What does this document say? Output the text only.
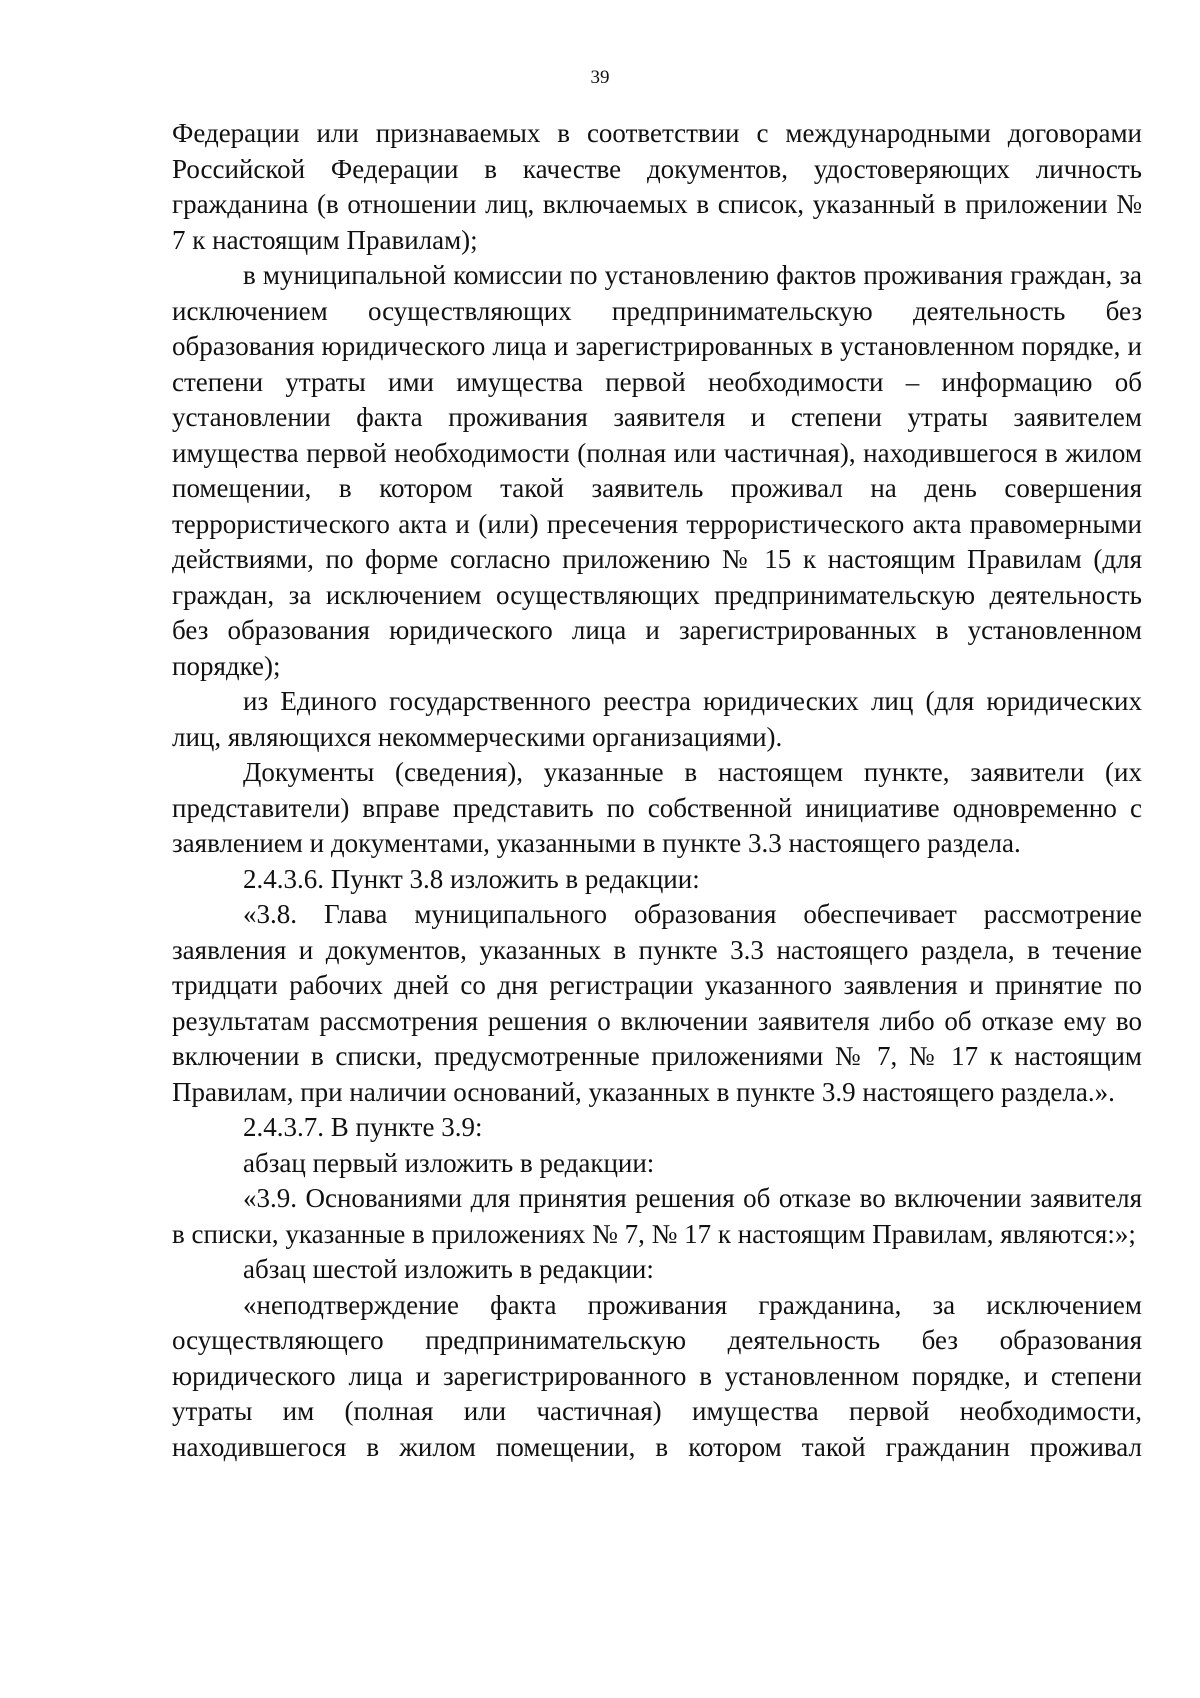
39

Федерации или признаваемых в соответствии с международными договорами Российской Федерации в качестве документов, удостоверяющих личность гражданина (в отношении лиц, включаемых в список, указанный в приложении № 7 к настоящим Правилам);

в муниципальной комиссии по установлению фактов проживания граждан, за исключением осуществляющих предпринимательскую деятельность без образования юридического лица и зарегистрированных в установленном порядке, и степени утраты ими имущества первой необходимости – информацию об установлении факта проживания заявителя и степени утраты заявителем имущества первой необходимости (полная или частичная), находившегося в жилом помещении, в котором такой заявитель проживал на день совершения террористического акта и (или) пресечения террористического акта правомерными действиями, по форме согласно приложению № 15 к настоящим Правилам (для граждан, за исключением осуществляющих предпринимательскую деятельность без образования юридического лица и зарегистрированных в установленном порядке);

из Единого государственного реестра юридических лиц (для юридических лиц, являющихся некоммерческими организациями).

Документы (сведения), указанные в настоящем пункте, заявители (их представители) вправе представить по собственной инициативе одновременно с заявлением и документами, указанными в пункте 3.3 настоящего раздела.

2.4.3.6. Пункт 3.8 изложить в редакции:

«3.8. Глава муниципального образования обеспечивает рассмотрение заявления и документов, указанных в пункте 3.3 настоящего раздела, в течение тридцати рабочих дней со дня регистрации указанного заявления и принятие по результатам рассмотрения решения о включении заявителя либо об отказе ему во включении в списки, предусмотренные приложениями № 7, № 17 к настоящим Правилам, при наличии оснований, указанных в пункте 3.9 настоящего раздела.».

2.4.3.7. В пункте 3.9:

абзац первый изложить в редакции:

«3.9. Основаниями для принятия решения об отказе во включении заявителя в списки, указанные в приложениях № 7, № 17 к настоящим Правилам, являются:»;

абзац шестой изложить в редакции:

«неподтверждение факта проживания гражданина, за исключением осуществляющего предпринимательскую деятельность без образования юридического лица и зарегистрированного в установленном порядке, и степени утраты им (полная или частичная) имущества первой необходимости, находившегося в жилом помещении, в котором такой гражданин проживал
